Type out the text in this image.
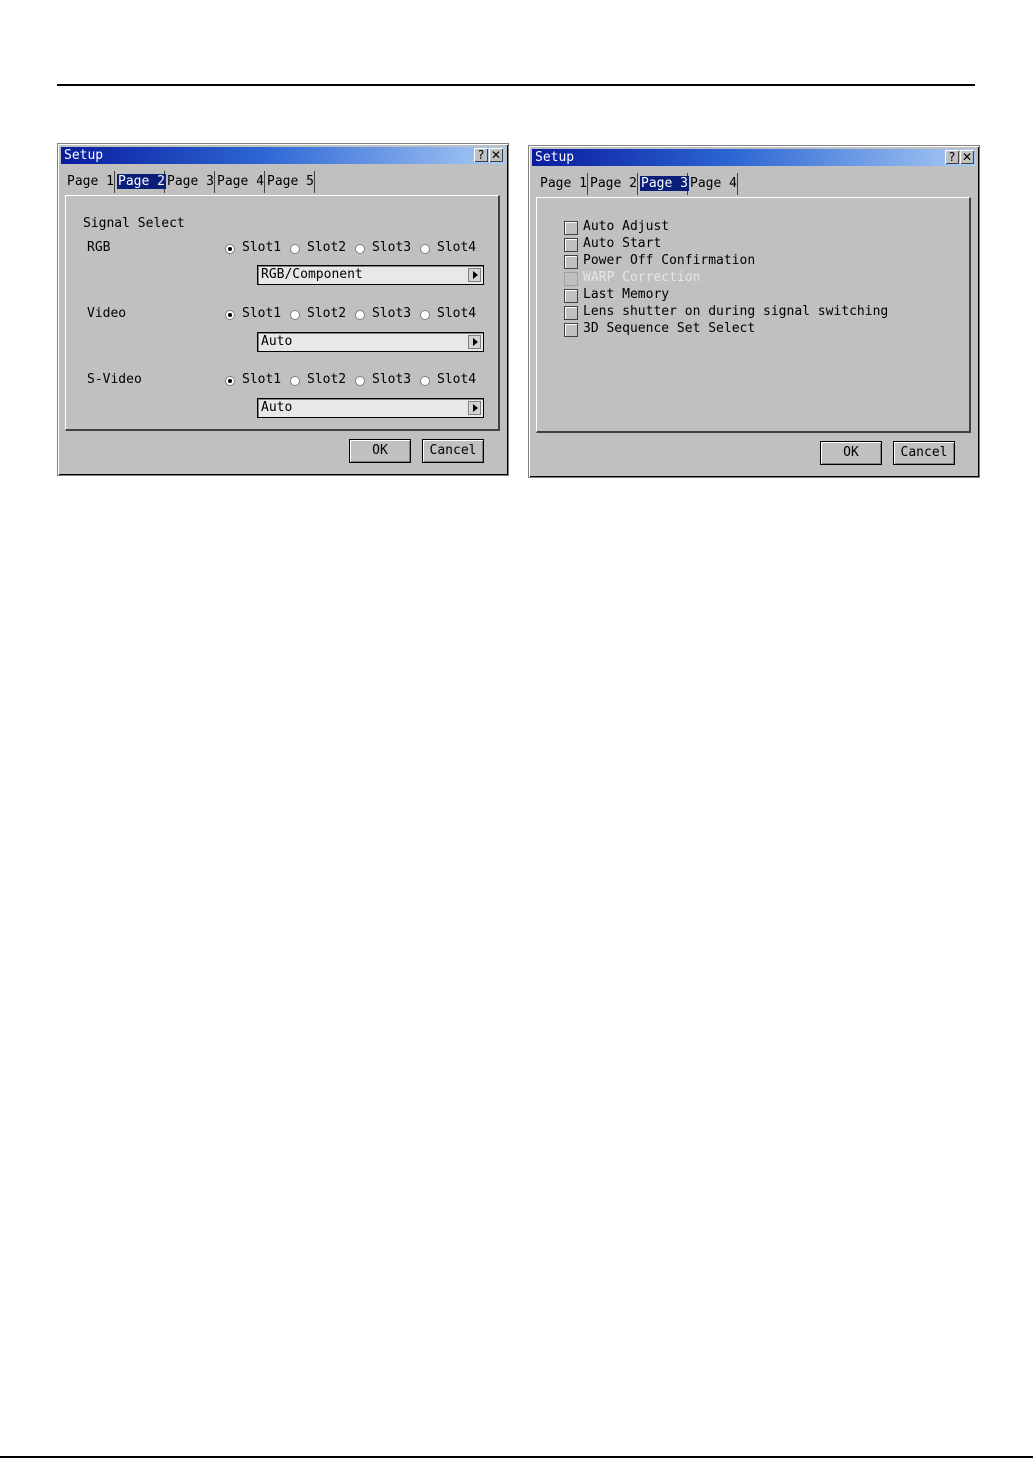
Setup	? ✕
Page 1 Page 2 Page 3 Page 4 Page 5
Signal Select
RGB	Slot1 Slot2 Slot3 Slot4
RGB/Component
Video	Slot1 Slot2 Slot3 Slot4
Auto
S-Video	Slot1 Slot2 Slot3 Slot4
Auto
OK	Cancel
Setup	? ✕
Page 1 Page 2 Page 3 Page 4
Auto Adjust
Auto Start
Power Off Confirmation
WARP Correction
Last Memory
Lens shutter on during signal switching
3D Sequence Set Select
OK	Cancel
